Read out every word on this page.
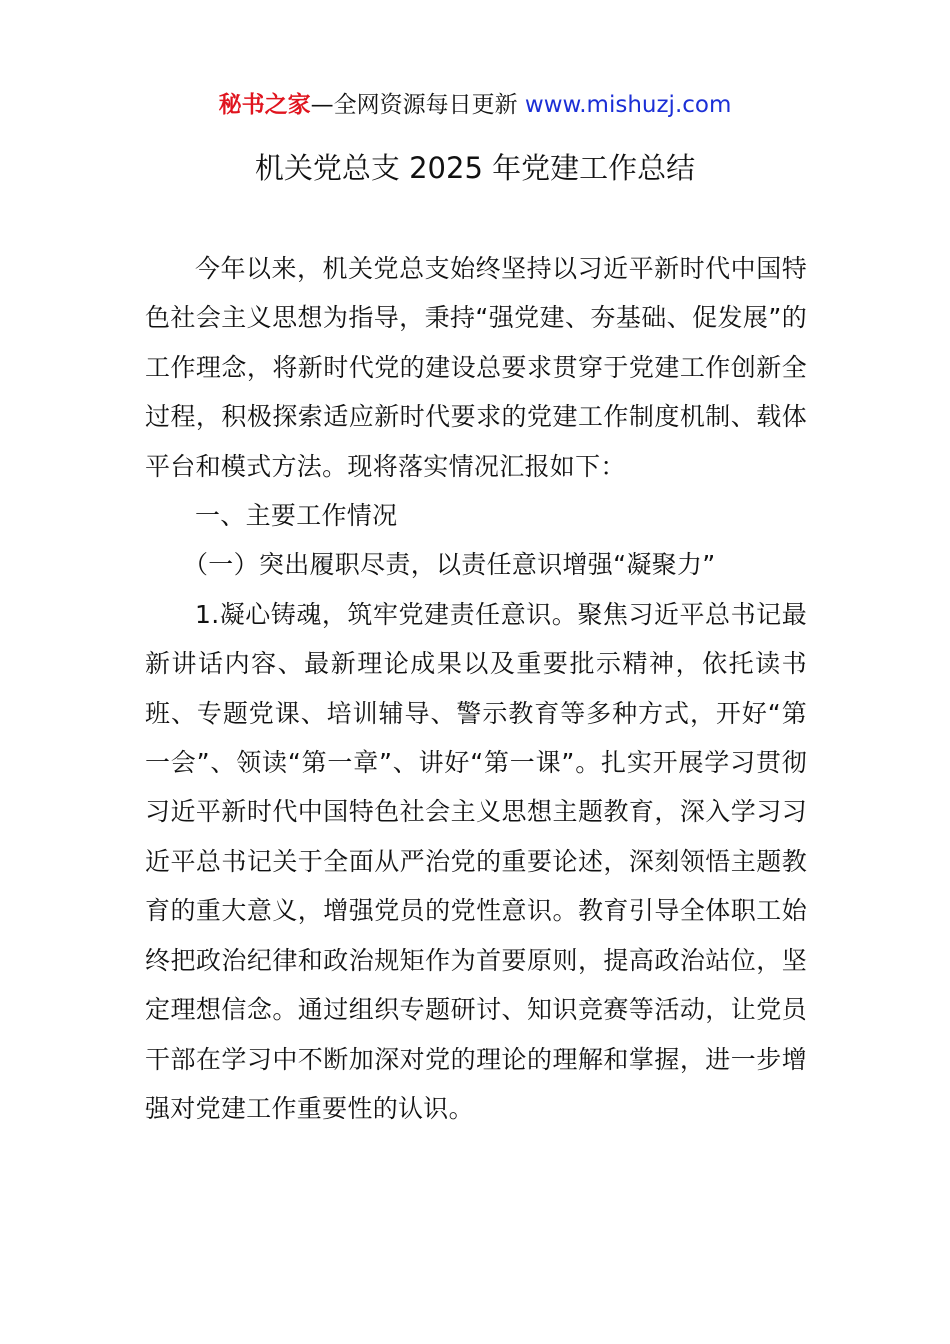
秘书之家—全网资源每日更新 www.mishuzj.com
机关党总支 2025 年党建工作总结

今年以来，机关党总支始终坚持以习近平新时代中国特色社会主义思想为指导，秉持“强党建、夯基础、促发展”的工作理念，将新时代党的建设总要求贯穿于党建工作创新全过程，积极探索适应新时代要求的党建工作制度机制、载体平台和模式方法。现将落实情况汇报如下：

一、主要工作情况

（一）突出履职尽责，以责任意识增强“凝聚力”

1.凝心铸魂，筑牢党建责任意识。聚焦习近平总书记最新讲话内容、最新理论成果以及重要批示精神，依托读书班、专题党课、培训辅导、警示教育等多种方式，开好“第一会”、领读“第一章”、讲好“第一课”。扎实开展学习贯彻习近平新时代中国特色社会主义思想主题教育，深入学习习近平总书记关于全面从严治党的重要论述，深刻领悟主题教育的重大意义，增强党员的党性意识。教育引导全体职工始终把政治纪律和政治规矩作为首要原则，提高政治站位，坚定理想信念。通过组织专题研讨、知识竞赛等活动，让党员干部在学习中不断加深对党的理论的理解和掌握，进一步增强对党建工作重要性的认识。
